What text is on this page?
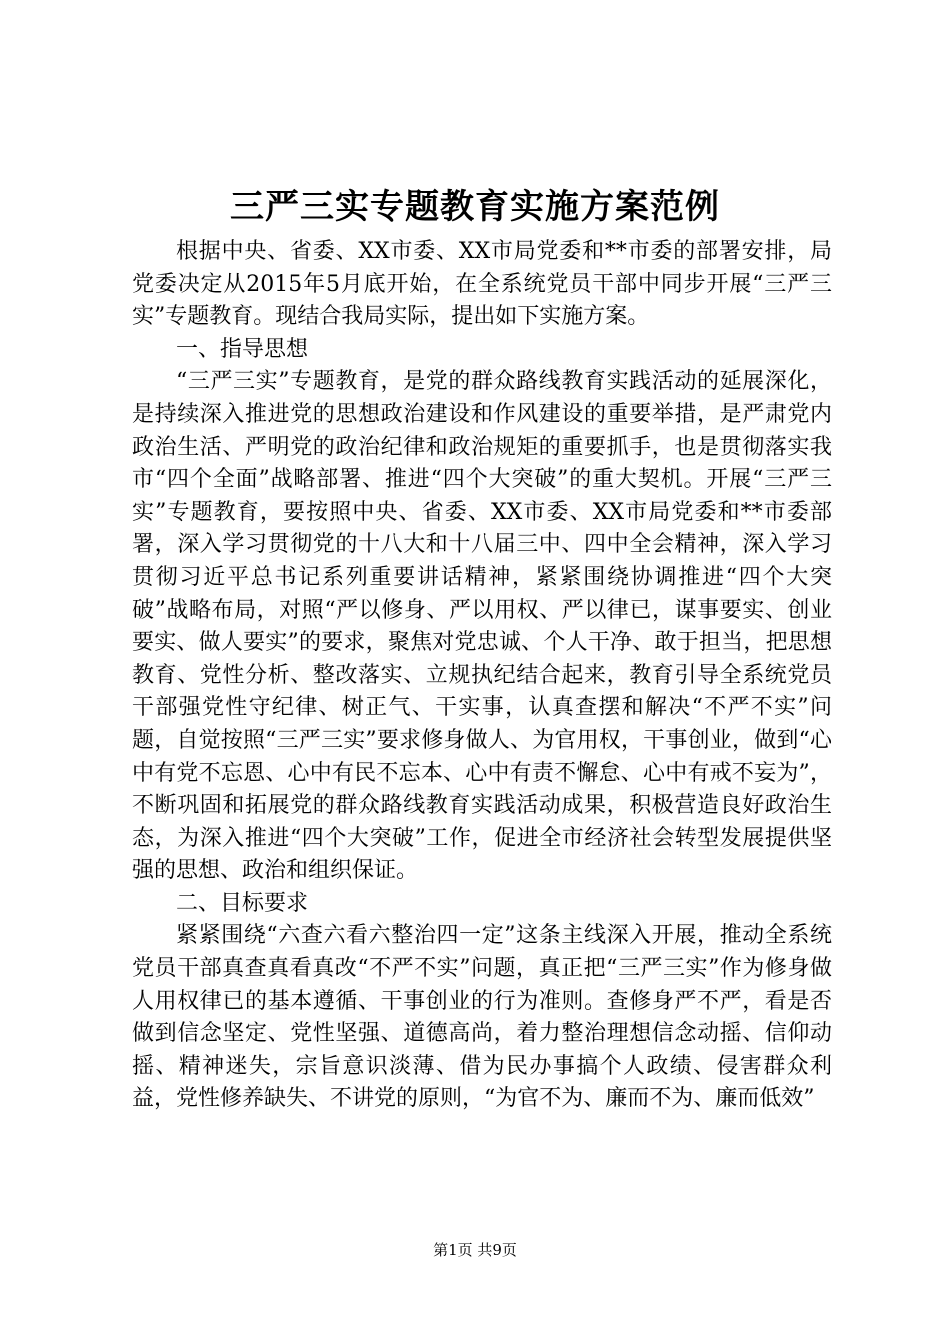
三严三实专题教育实施方案范例

根据中央、省委、XX市委、XX市局党委和**市委的部署安排，局党委决定从2015年5月底开始，在全系统党员干部中同步开展“三严三实”专题教育。现结合我局实际，提出如下实施方案。

一、指导思想

“三严三实”专题教育，是党的群众路线教育实践活动的延展深化，是持续深入推进党的思想政治建设和作风建设的重要举措，是严肃党内政治生活、严明党的政治纪律和政治规矩的重要抓手，也是贯彻落实我市“四个全面”战略部署、推进“四个大突破”的重大契机。开展“三严三实”专题教育，要按照中央、省委、XX市委、XX市局党委和**市委部署，深入学习贯彻党的十八大和十八届三中、四中全会精神，深入学习贯彻习近平总书记系列重要讲话精神，紧紧围绕协调推进“四个大突破”战略布局，对照“严以修身、严以用权、严以律已，谋事要实、创业要实、做人要实”的要求，聚焦对党忠诚、个人干净、敢于担当，把思想教育、党性分析、整改落实、立规执纪结合起来，教育引导全系统党员干部强党性守纪律、树正气、干实事，认真查摆和解决“不严不实”问题，自觉按照“三严三实”要求修身做人、为官用权，干事创业，做到“心中有党不忘恩、心中有民不忘本、心中有责不懈怠、心中有戒不妄为”，不断巩固和拓展党的群众路线教育实践活动成果，积极营造良好政治生态，为深入推进“四个大突破”工作，促进全市经济社会转型发展提供坚强的思想、政治和组织保证。

二、目标要求

紧紧围绕“六查六看六整治四一定”这条主线深入开展，推动全系统党员干部真查真看真改“不严不实”问题，真正把“三严三实”作为修身做人用权律已的基本遵循、干事创业的行为准则。查修身严不严，看是否做到信念坚定、党性坚强、道德高尚，着力整治理想信念动摇、信仰动摇、精神迷失，宗旨意识淡薄、借为民办事搞个人政绩、侵害群众利益，党性修养缺失、不讲党的原则，“为官不为、廉而不为、廉而低效”

第1页 共9页
